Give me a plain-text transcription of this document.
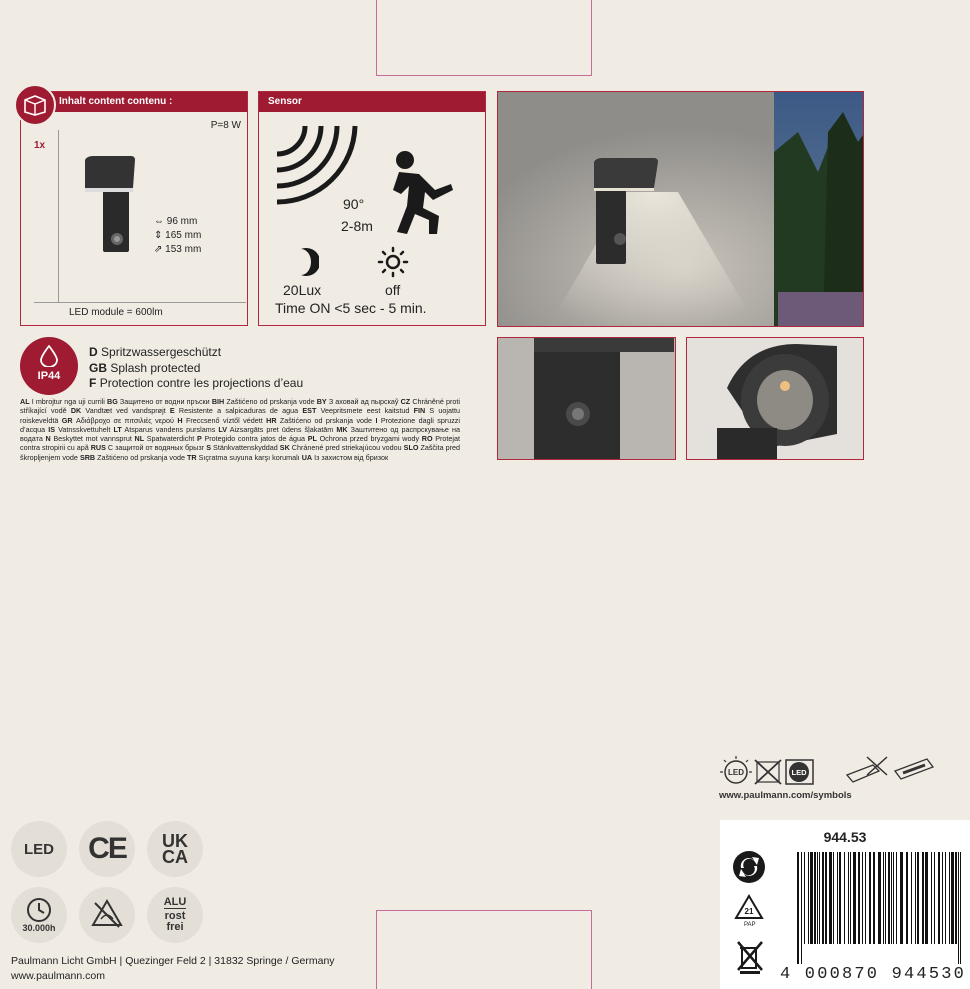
Inhalt content contenu :
1x
P=8 W
⇔ 96 mm
⇕ 165 mm
⇗ 153 mm
LED module = 600lm
Sensor
90°
2-8m
20Lux	off
Time ON <5 sec - 5 min.
IP44
D Spritzwassergeschützt
GB Splash protected
F Protection contre les projections d’eau
AL I mbrojtur nga uji currili BG Защитено от водни пръски BIH Zaštićeno od prskanja vode BY З аховай ад пырскаў CZ Chráněné proti stříkající vodě DK Vandtæt ved vandsprøjt E Resistente a salpicaduras de agua EST Veepritsmete eest kaitstud FIN S uojattu roiskeveldtä GR Αδιάβροχο σε πιτσιλιές νερού H Freccsenő víztől védett HR Zaštićeno od prskanja vode I Protezione dagli spruzzi d’acqua IS Vatnsskvettuhelt LT Atsparus vandens purslams LV Aizsargāts pret ūdens šļakatām MK Заштитено од распрскување на водата N Beskyttet mot vannsprut NL Spatwaterdicht P Protegido contra jatos de água PL Ochrona przed bryzgami wody RO Protejat contra stropirii cu apă RUS С защитой от водяных брызг S Stänkvattenskyddad SK Chránené pred striekajúcou vodou SLO Zaščita pred škropljenjem vode SRB Zaštićeno od prskanja vode TR Sıçratma suyuna karşı korumalı UA Із захистом від бризок
LED	LED
www.paulmann.com/symbols
LED CE UK
CA
30.000h
ALU
rost
frei
Paulmann Licht GmbH | Quezinger Feld 2 | 31832 Springe / Germany
www.paulmann.com
944.53
21
PAP
4 000870 944530
